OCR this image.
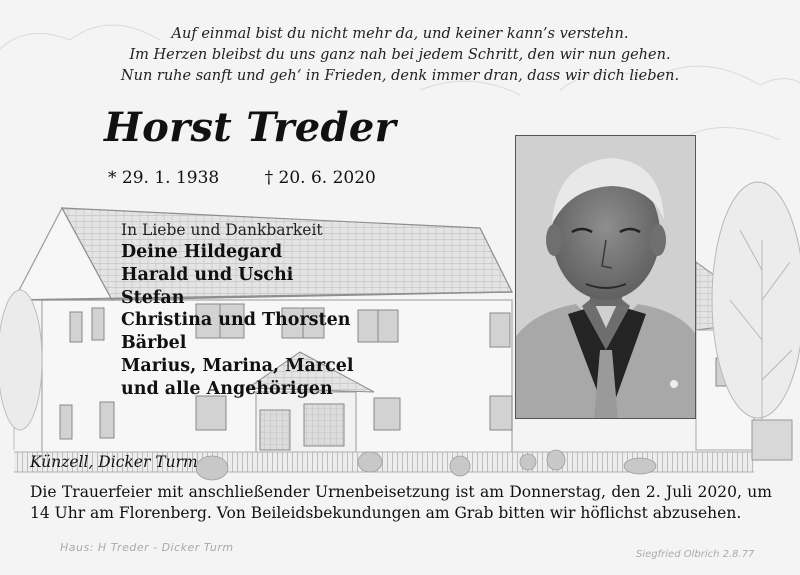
Auf einmal bist du nicht mehr da, und keiner kann’s verstehn.
Im Herzen bleibst du uns ganz nah bei jedem Schritt, den wir nun gehen.
Nun ruhe sanft und geh‘ in Frieden, denk immer dran, dass wir dich lieben.
Horst Treder
* 29. 1. 1938	† 20. 6. 2020
In Liebe und Dankbarkeit
Deine Hildegard
Harald und Uschi
Stefan
Christina und Thorsten
Bärbel
Marius, Marina, Marcel
und alle Angehörigen
Künzell, Dicker Turm
Die Trauerfeier mit anschließender Urnenbeisetzung ist am Donnerstag, den 2. Juli 2020, um 14 Uhr am Florenberg. Von Beileidsbekundungen am Grab bitten wir höflichst abzusehen.
Haus: H Treder - Dicker Turm
Siegfried Olbrich 2.8.77
